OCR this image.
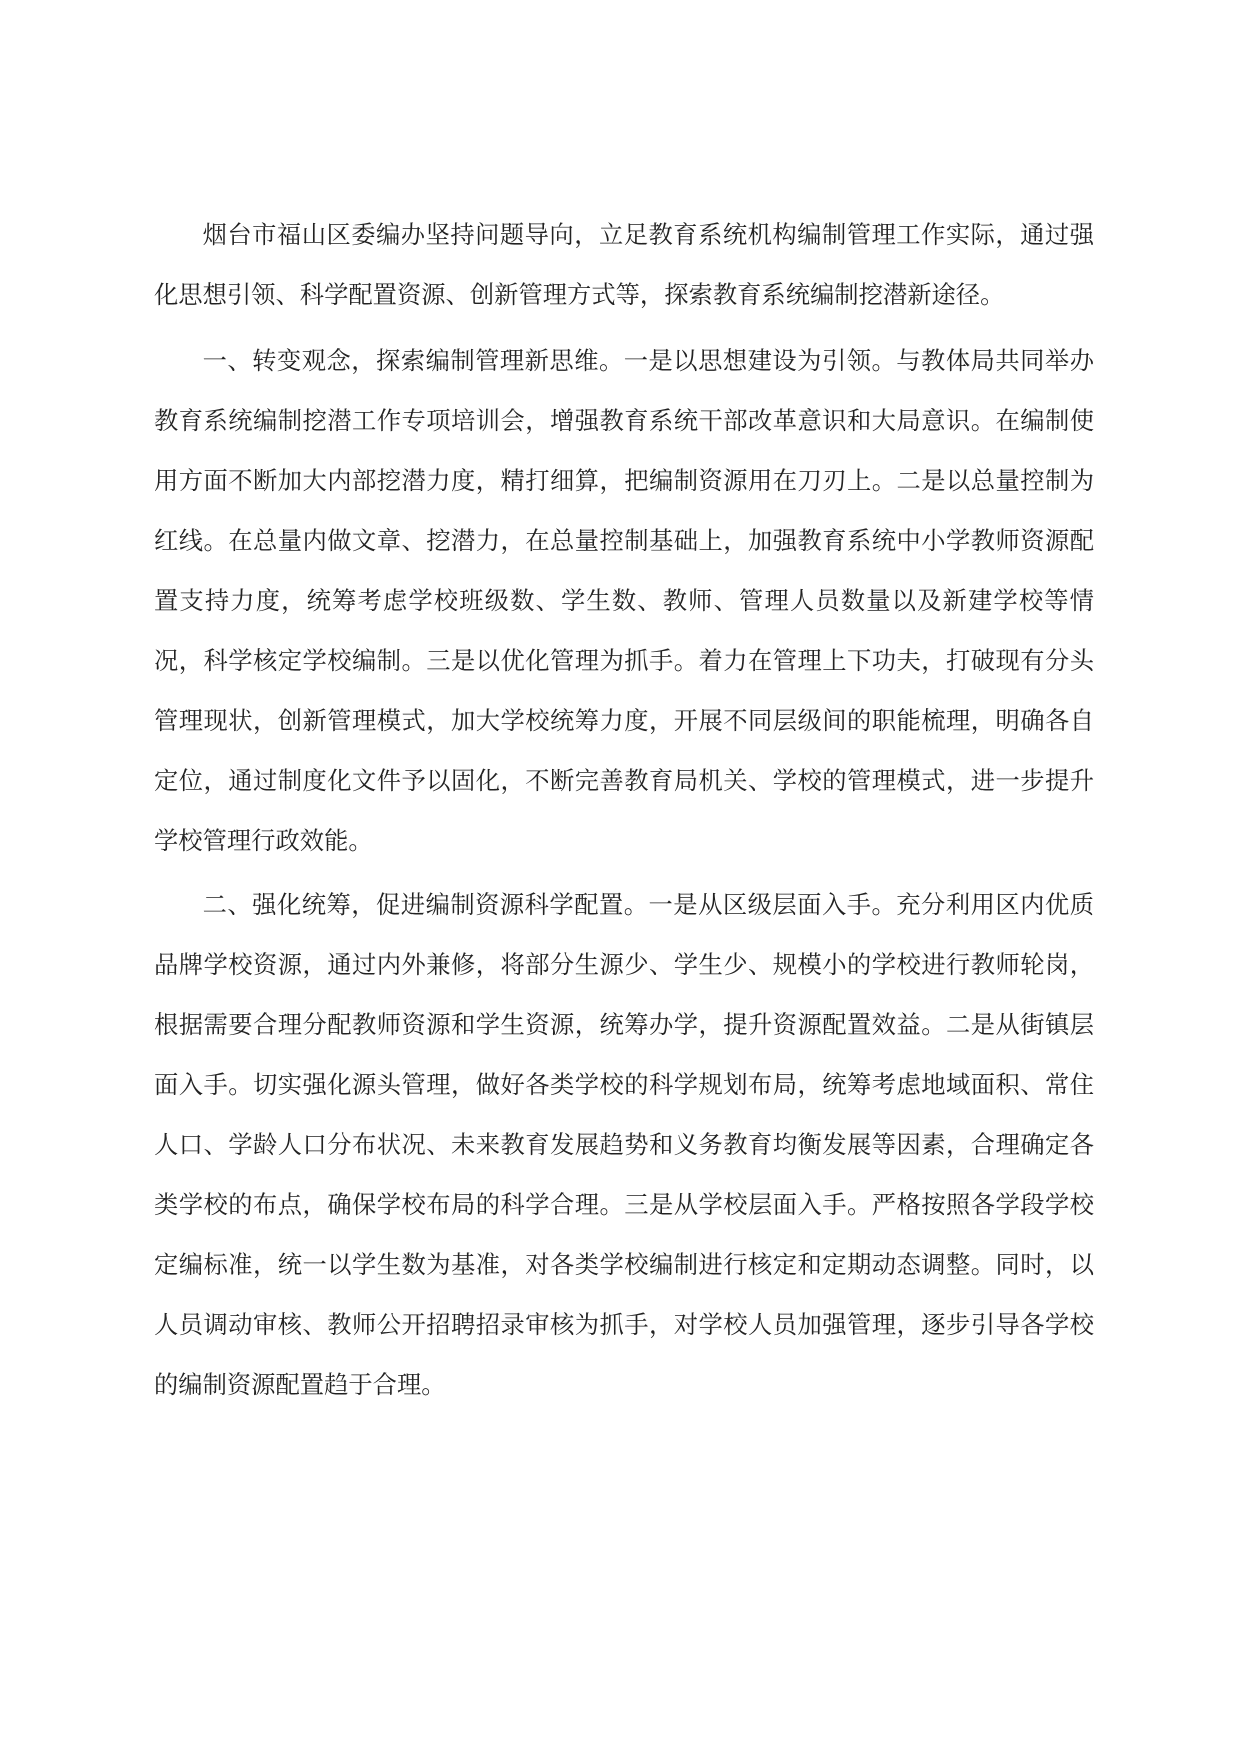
烟台市福山区委编办坚持问题导向，立足教育系统机构编制管理工作实际，通过强化思想引领、科学配置资源、创新管理方式等，探索教育系统编制挖潜新途径。

一、转变观念，探索编制管理新思维。一是以思想建设为引领。与教体局共同举办教育系统编制挖潜工作专项培训会，增强教育系统干部改革意识和大局意识。在编制使用方面不断加大内部挖潜力度，精打细算，把编制资源用在刀刃上。二是以总量控制为红线。在总量内做文章、挖潜力，在总量控制基础上，加强教育系统中小学教师资源配置支持力度，统筹考虑学校班级数、学生数、教师、管理人员数量以及新建学校等情况，科学核定学校编制。三是以优化管理为抓手。着力在管理上下功夫，打破现有分头管理现状，创新管理模式，加大学校统筹力度，开展不同层级间的职能梳理，明确各自定位，通过制度化文件予以固化，不断完善教育局机关、学校的管理模式，进一步提升学校管理行政效能。

二、强化统筹，促进编制资源科学配置。一是从区级层面入手。充分利用区内优质品牌学校资源，通过内外兼修，将部分生源少、学生少、规模小的学校进行教师轮岗，根据需要合理分配教师资源和学生资源，统筹办学，提升资源配置效益。二是从街镇层面入手。切实强化源头管理，做好各类学校的科学规划布局，统筹考虑地域面积、常住人口、学龄人口分布状况、未来教育发展趋势和义务教育均衡发展等因素，合理确定各类学校的布点，确保学校布局的科学合理。三是从学校层面入手。严格按照各学段学校定编标准，统一以学生数为基准，对各类学校编制进行核定和定期动态调整。同时，以人员调动审核、教师公开招聘招录审核为抓手，对学校人员加强管理，逐步引导各学校的编制资源配置趋于合理。
